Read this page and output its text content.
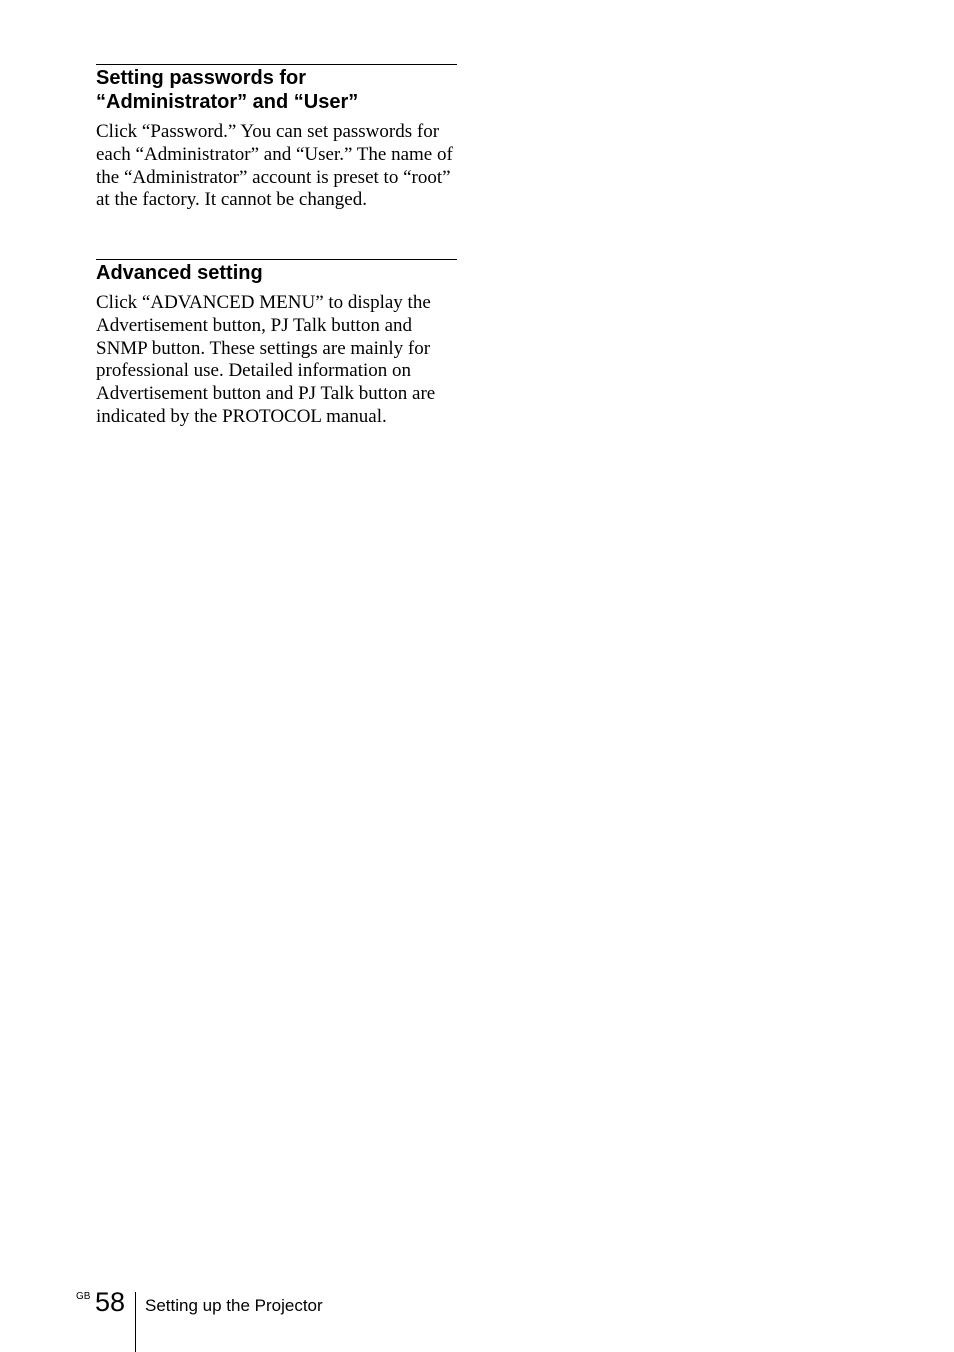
Setting passwords for
“Administrator” and “User”

Click “Password.” You can set passwords for each “Administrator” and “User.” The name of the “Administrator” account is preset to “root” at the factory. It cannot be changed.

Advanced setting

Click “ADVANCED MENU” to display the Advertisement button, PJ Talk button and SNMP button. These settings are mainly for professional use. Detailed information on Advertisement button and PJ Talk button are indicated by the PROTOCOL manual.

GB 58 Setting up the Projector
